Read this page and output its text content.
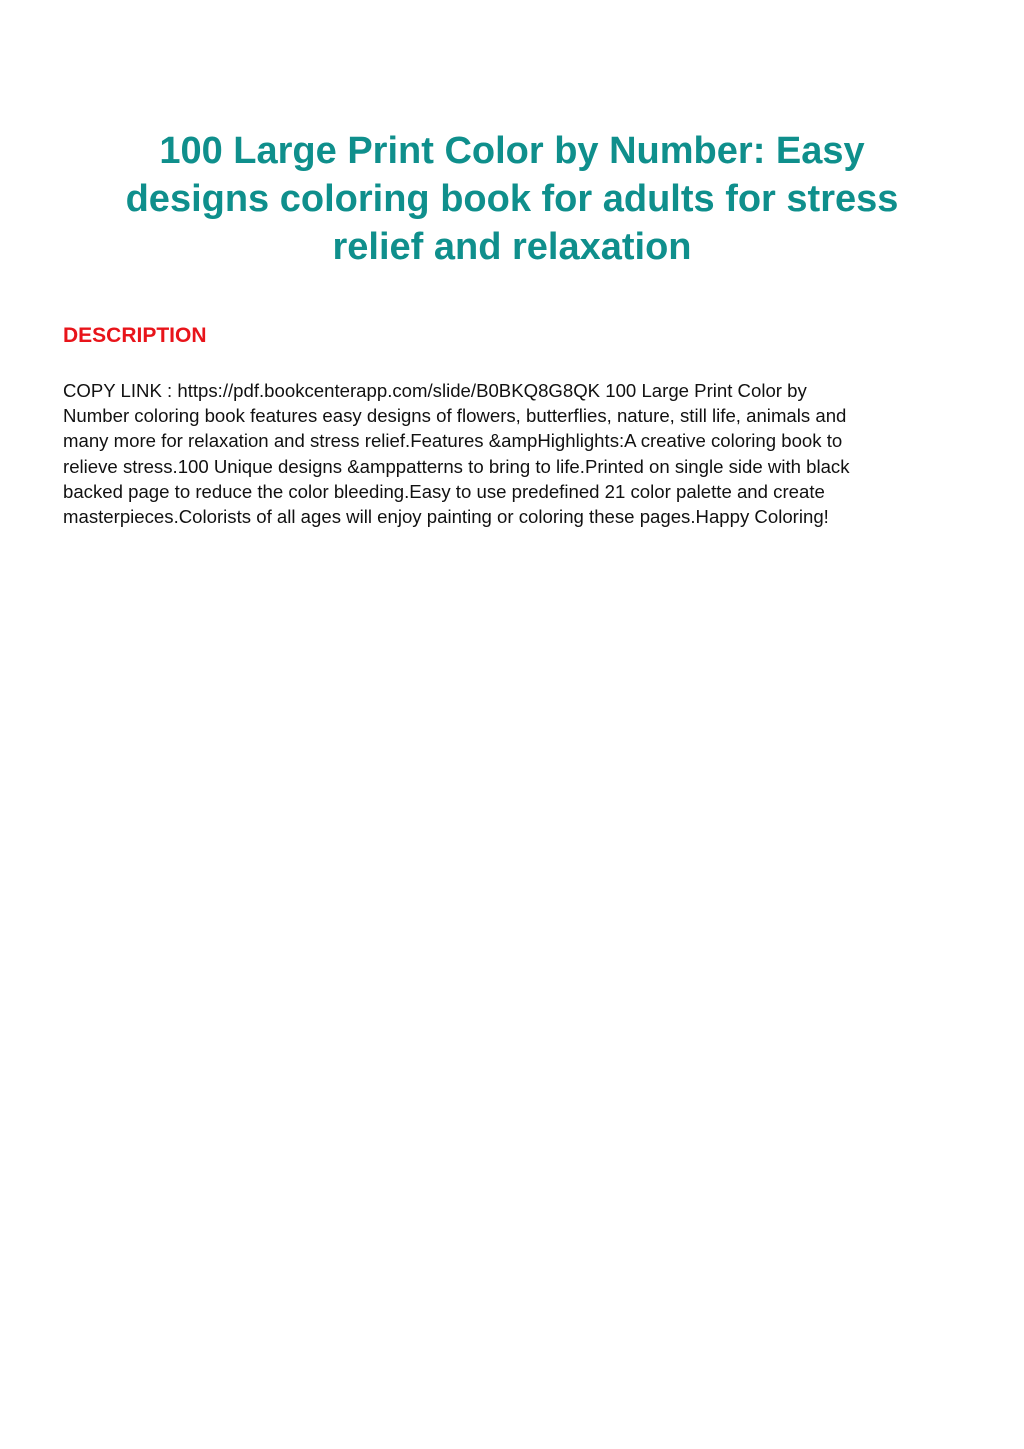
100 Large Print Color by Number: Easy
designs coloring book for adults for stress
relief and relaxation
DESCRIPTION

COPY LINK : https://pdf.bookcenterapp.com/slide/B0BKQ8G8QK 100 Large Print Color by
Number coloring book features easy designs of flowers, butterflies, nature, still life, animals and
many more for relaxation and stress relief.Features &ampHighlights:A creative coloring book to
relieve stress.100 Unique designs &amppatterns to bring to life.Printed on single side with black
backed page to reduce the color bleeding.Easy to use predefined 21 color palette and create
masterpieces.Colorists of all ages will enjoy painting or coloring these pages.Happy Coloring!
